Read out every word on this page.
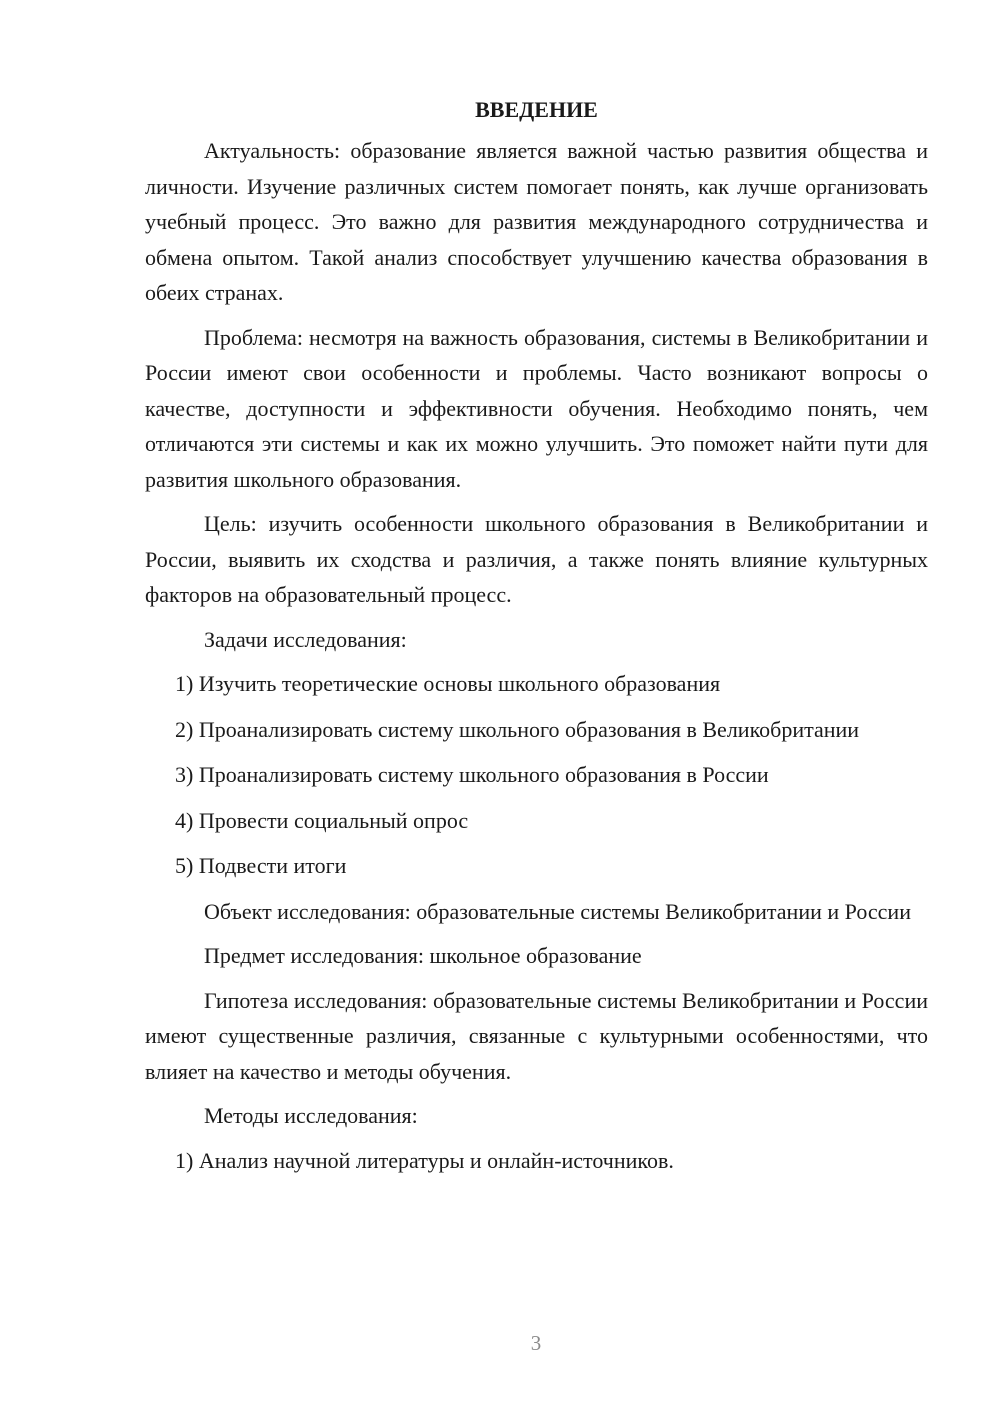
ВВЕДЕНИЕ

Актуальность: образование является важной частью развития общества и личности. Изучение различных систем помогает понять, как лучше организовать учебный процесс. Это важно для развития международного сотрудничества и обмена опытом. Такой анализ способствует улучшению качества образования в обеих странах.

Проблема: несмотря на важность образования, системы в Великобритании и России имеют свои особенности и проблемы. Часто возникают вопросы о качестве, доступности и эффективности обучения. Необходимо понять, чем отличаются эти системы и как их можно улучшить. Это поможет найти пути для развития школьного образования.

Цель: изучить особенности школьного образования в Великобритании и России, выявить их сходства и различия, а также понять влияние культурных факторов на образовательный процесс.

Задачи исследования:

1) Изучить теоретические основы школьного образования

2) Проанализировать систему школьного образования в Великобритании

3) Проанализировать систему школьного образования в России

4) Провести социальный опрос

5) Подвести итоги

Объект исследования: образовательные системы Великобритании и России

Предмет исследования: школьное образование

Гипотеза исследования: образовательные системы Великобритании и России имеют существенные различия, связанные с культурными особенностями, что влияет на качество и методы обучения.

Методы исследования:

1) Анализ научной литературы и онлайн-источников.

3
